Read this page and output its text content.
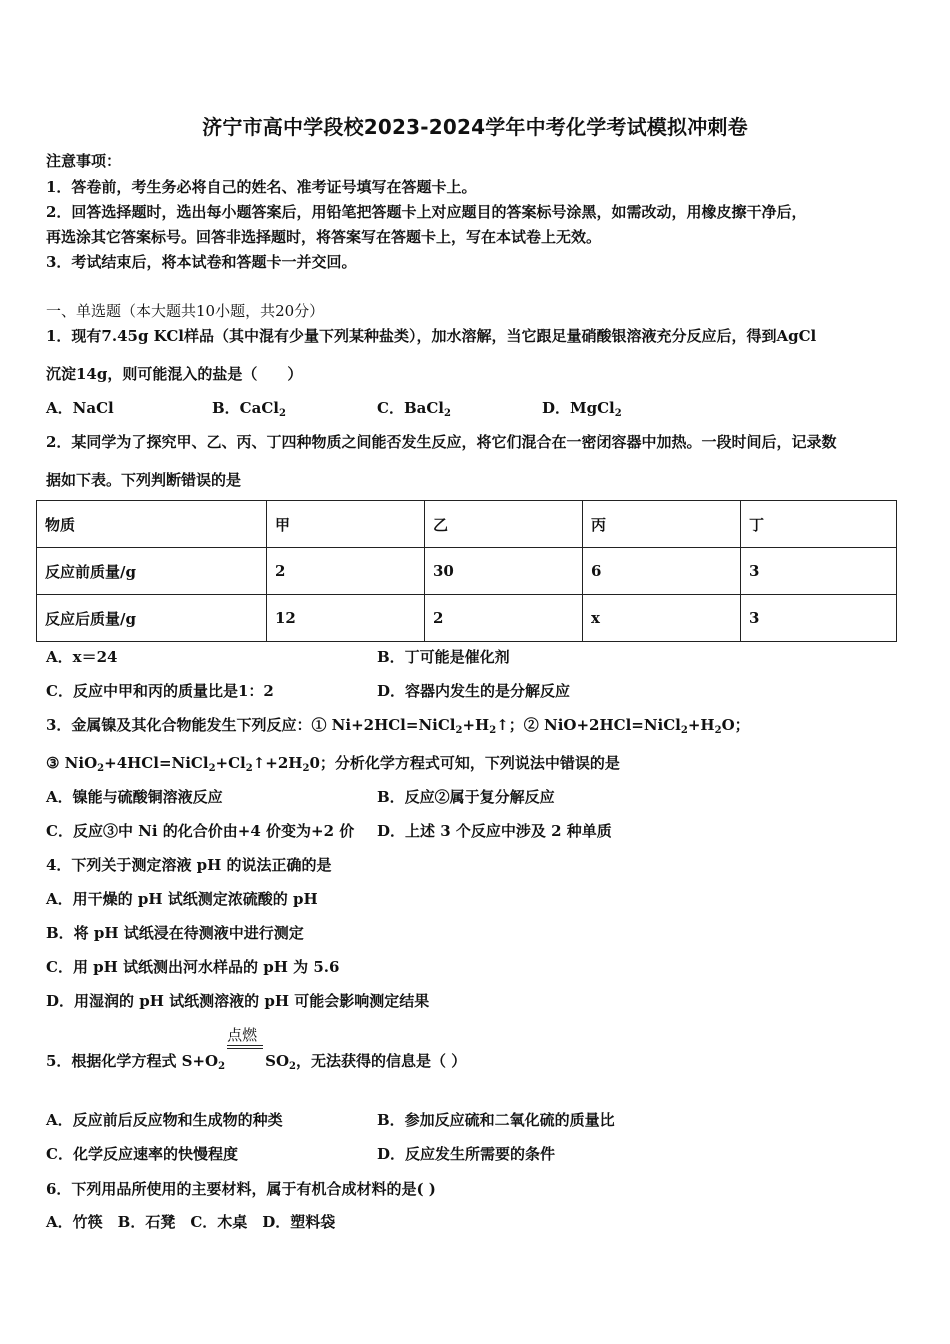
济宁市高中学段校2023-2024学年中考化学考试模拟冲刺卷
注意事项：
1．答卷前，考生务必将自己的姓名、准考证号填写在答题卡上。
2．回答选择题时，选出每小题答案后，用铅笔把答题卡上对应题目的答案标号涂黑，如需改动，用橡皮擦干净后，
再选涂其它答案标号。回答非选择题时，将答案写在答题卡上，写在本试卷上无效。
3．考试结束后，将本试卷和答题卡一并交回。
一、单选题（本大题共10小题，共20分）
1．现有7.45g KCl样品（其中混有少量下列某种盐类），加水溶解，当它跟足量硝酸银溶液充分反应后，得到AgCl
沉淀14g，则可能混入的盐是（　　）
A．NaCl	B．CaCl$_2$	C．BaCl$_2$	D．MgCl$_2$
2．某同学为了探究甲、乙、丙、丁四种物质之间能否发生反应，将它们混合在一密闭容器中加热。一段时间后，记录数
据如下表。下列判断错误的是
物质	甲	乙	丙	丁
反应前质量/g	2	30	6	3
反应后质量/g	12	2	x	3
A．x＝24	B．丁可能是催化剂
C．反应中甲和丙的质量比是1：2	D．容器内发生的是分解反应
3．金属镍及其化合物能发生下列反应：① $Ni+2HCl=NiCl_2+H_2↑$；② $NiO+2HCl=NiCl_2+H_2O$；
③ $NiO_2+4HCl=NiCl_2+Cl_2↑+2H_20$；分析化学方程式可知，下列说法中错误的是
A．镍能与硫酸铜溶液反应	B．反应②属于复分解反应
C．反应③中 Ni 的化合价由+4 价变为+2 价 D．上述 3 个反应中涉及 2 种单质
4．下列关于测定溶液 pH 的说法正确的是
A．用干燥的 pH 试纸测定浓硫酸的 pH
B．将 pH 试纸浸在待测液中进行测定
C．用 pH 试纸测出河水样品的 pH 为 5.6
D．用湿润的 pH 试纸测溶液的 pH 可能会影响测定结果
5．根据化学方程式 $S+O_2$
点燃
$SO_2$，无法获得的信息是（ ）
A．反应前后反应物和生成物的种类	B．参加反应硫和二氧化硫的质量比
C．化学反应速率的快慢程度	D．反应发生所需要的条件
6．下列用品所使用的主要材料，属于有机合成材料的是( )
A．竹筷　B．石凳　C．木桌　D．塑料袋
